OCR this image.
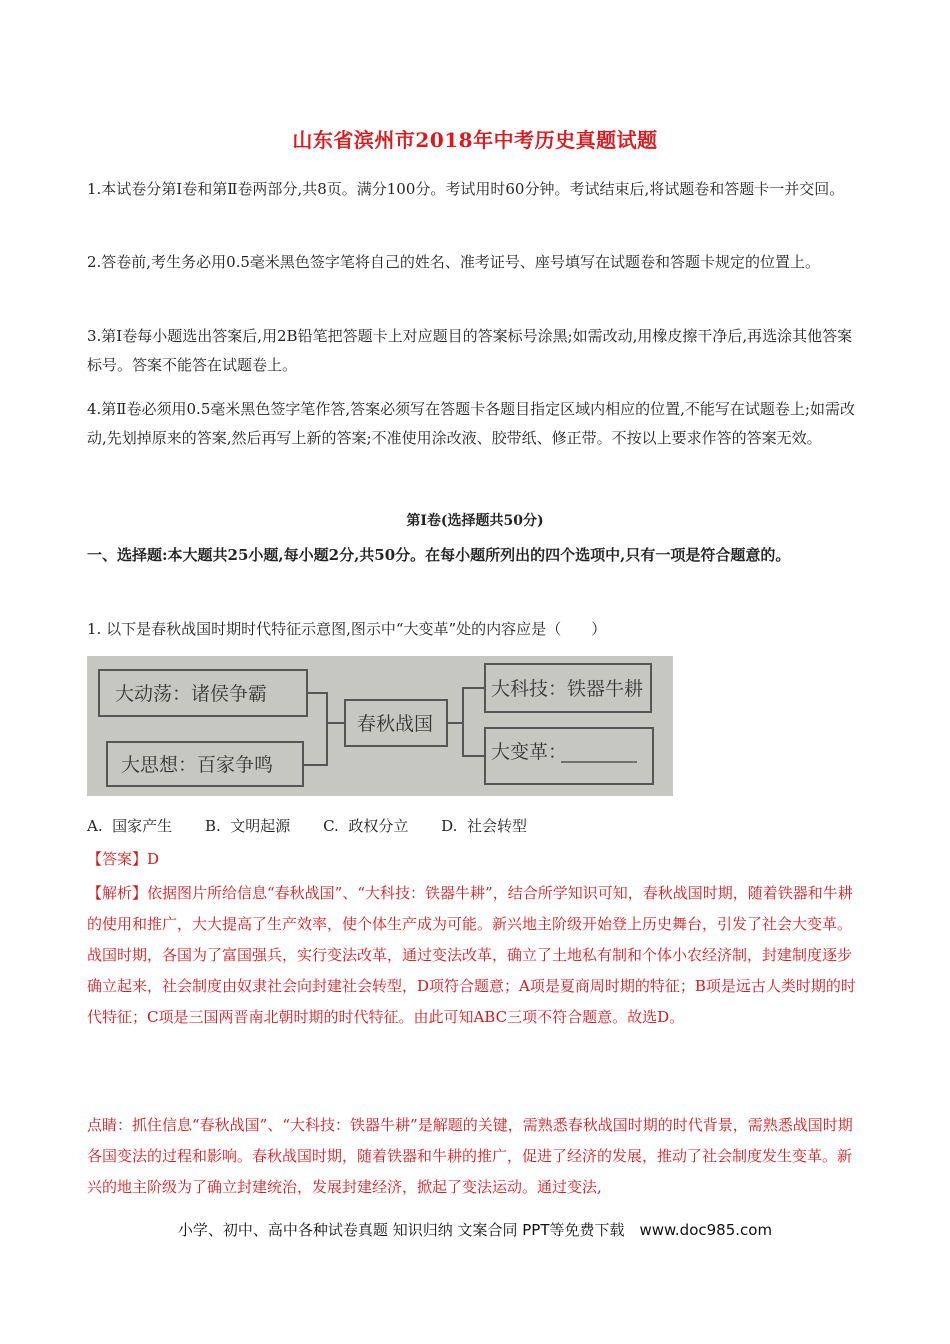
山东省滨州市2018年中考历史真题试题
1.本试卷分第Ⅰ卷和第Ⅱ卷两部分,共8页。满分100分。考试用时60分钟。考试结束后,将试题卷和答题卡一并交回。
2.答卷前,考生务必用0.5毫米黑色签字笔将自己的姓名、准考证号、座号填写在试题卷和答题卡规定的位置上。
3.第Ⅰ卷每小题选出答案后,用2B铅笔把答题卡上对应题目的答案标号涂黑;如需改动,用橡皮擦干净后,再选涂其他答案标号。答案不能答在试题卷上。
4.第Ⅱ卷必须用0.5毫米黑色签字笔作答,答案必须写在答题卡各题目指定区域内相应的位置,不能写在试题卷上;如需改动,先划掉原来的答案,然后再写上新的答案;不准使用涂改液、胶带纸、修正带。不按以上要求作答的答案无效。
第Ⅰ卷(选择题共50分)
一、选择题:本大题共25小题,每小题2分,共50分。在每小题所列出的四个选项中,只有一项是符合题意的。
1. 以下是春秋战国时期时代特征示意图,图示中“大变革”处的内容应是（　　）
大动荡：诸侯争霸
大思想：百家争鸣
春秋战国
大科技：铁器牛耕
大变革：
A. 国家产生 B. 文明起源 C. 政权分立 D. 社会转型
【答案】D
【解析】依据图片所给信息“春秋战国”、“大科技：铁器牛耕”，结合所学知识可知，春秋战国时期，随着铁器和牛耕的使用和推广，大大提高了生产效率，使个体生产成为可能。新兴地主阶级开始登上历史舞台，引发了社会大变革。战国时期，各国为了富国强兵，实行变法改革，通过变法改革，确立了土地私有制和个体小农经济制，封建制度逐步确立起来，社会制度由奴隶社会向封建社会转型，D项符合题意；A项是夏商周时期的特征；B项是远古人类时期的时代特征；C项是三国两晋南北朝时期的时代特征。由此可知ABC三项不符合题意。故选D。
点睛：抓住信息“春秋战国”、“大科技：铁器牛耕”是解题的关键，需熟悉春秋战国时期的时代背景，需熟悉战国时期各国变法的过程和影响。春秋战国时期，随着铁器和牛耕的推广，促进了经济的发展，推动了社会制度发生变革。新兴的地主阶级为了确立封建统治，发展封建经济，掀起了变法运动。通过变法,
小学、初中、高中各种试卷真题 知识归纳 文案合同 PPT等免费下载　www.doc985.com
